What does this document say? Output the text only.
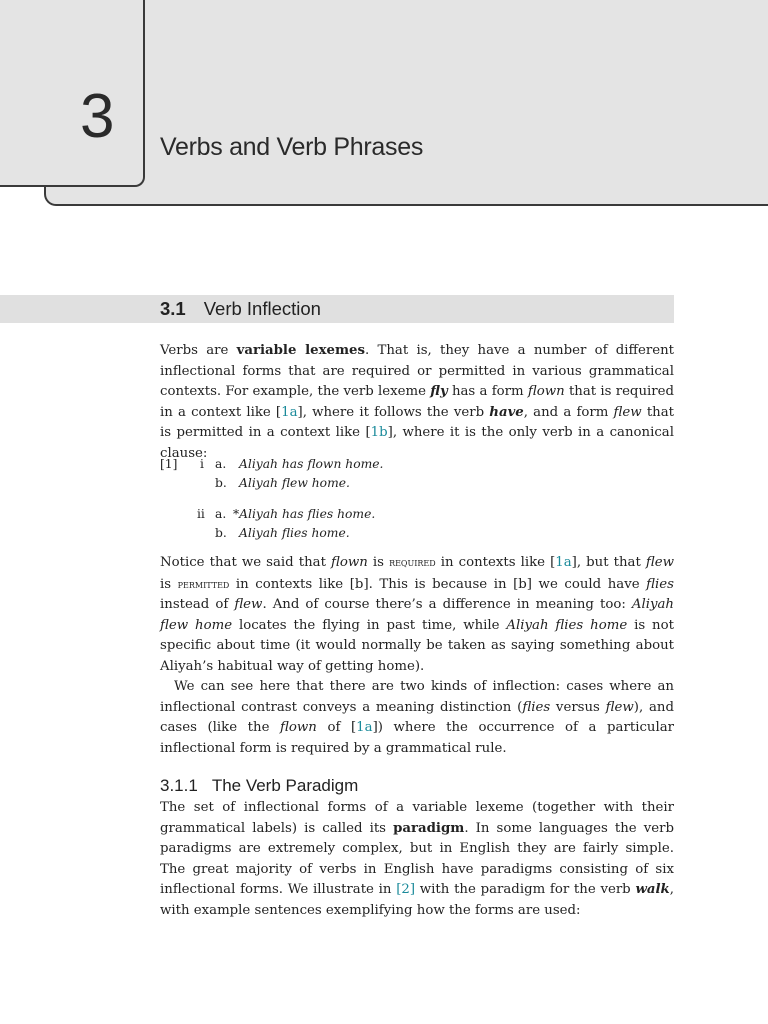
3 Verbs and Verb Phrases
3.1 Verb Inflection

Verbs are variable lexemes. That is, they have a number of different inflectional forms that are required or permitted in various grammatical contexts. For example, the verb lexeme fly has a form flown that is required in a context like [1a], where it follows the verb have, and a form flew that is permitted in a context like [1b], where it is the only verb in a canonical clause:

[1] i a. Aliyah has flown home.
b. Aliyah flew home.
ii a. *Aliyah has flies home.
b. Aliyah flies home.

Notice that we said that flown is required in contexts like [1a], but that flew is permitted in contexts like [b]. This is because in [b] we could have flies instead of flew. And of course there’s a difference in meaning too: Aliyah flew home locates the flying in past time, while Aliyah flies home is not specific about time (it would normally be taken as saying something about Aliyah’s habitual way of getting home).

We can see here that there are two kinds of inflection: cases where an inflectional contrast conveys a meaning distinction (flies versus flew), and cases (like the flown of [1a]) where the occurrence of a particular inflectional form is required by a grammatical rule.

3.1.1 The Verb Paradigm

The set of inflectional forms of a variable lexeme (together with their grammatical labels) is called its paradigm. In some languages the verb paradigms are extremely complex, but in English they are fairly simple. The great majority of verbs in English have paradigms consisting of six inflectional forms. We illustrate in [2] with the paradigm for the verb walk, with example sentences exemplifying how the forms are used:
